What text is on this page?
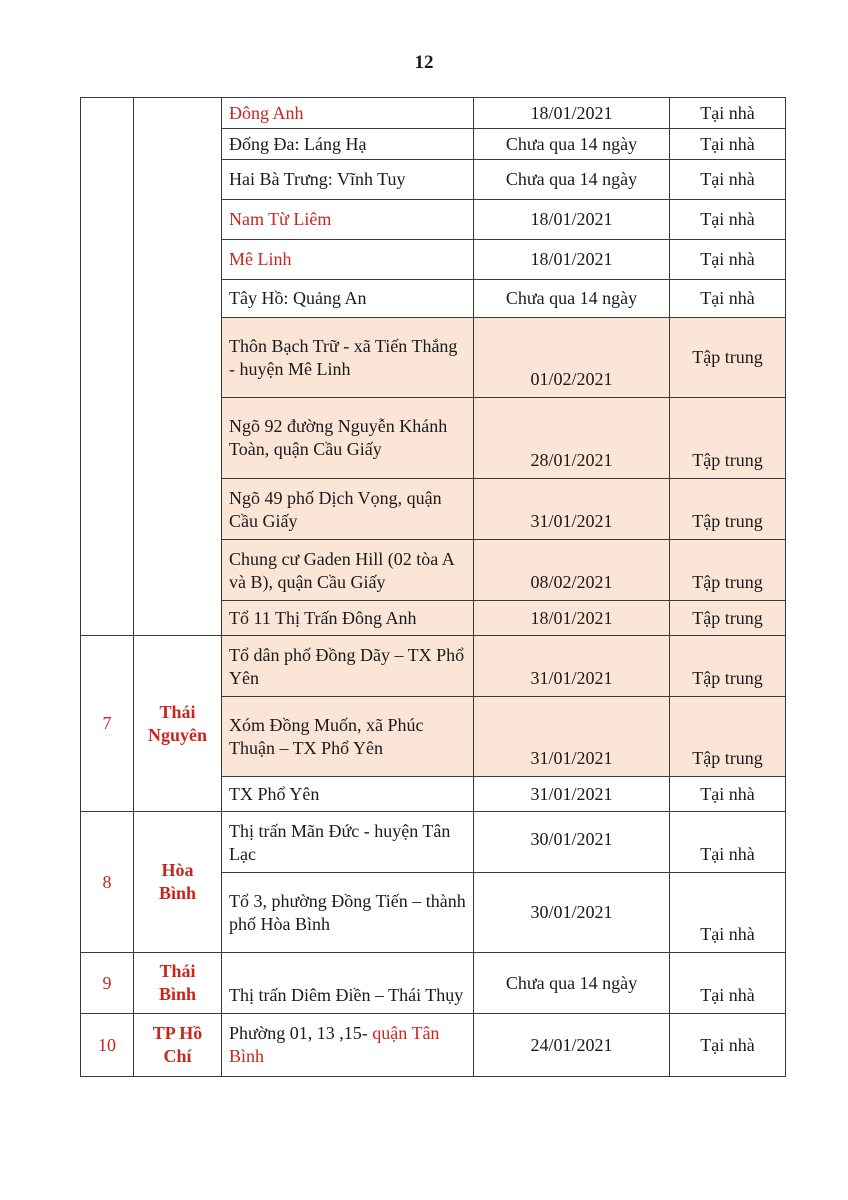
12
		Đông Anh	18/01/2021	Tại nhà
		Đống Đa: Láng Hạ	Chưa qua 14 ngày	Tại nhà
		Hai Bà Trưng: Vĩnh Tuy	Chưa qua 14 ngày	Tại nhà
		Nam Từ Liêm	18/01/2021	Tại nhà
		Mê Linh	18/01/2021	Tại nhà
		Tây Hồ: Quảng An	Chưa qua 14 ngày	Tại nhà
		Thôn Bạch Trữ - xã Tiến Thắng - huyện Mê Linh	01/02/2021	Tập trung
		Ngõ 92 đường Nguyễn Khánh Toàn, quận Cầu Giấy	28/01/2021	Tập trung
		Ngõ 49 phố Dịch Vọng, quận Cầu Giấy	31/01/2021	Tập trung
		Chung cư Gaden Hill (02 tòa A và B), quận Cầu Giấy	08/02/2021	Tập trung
		Tổ 11 Thị Trấn Đông Anh	18/01/2021	Tập trung
7	Thái Nguyên	Tổ dân phố Đồng Dãy – TX Phổ Yên	31/01/2021	Tập trung
		Xóm Đồng Muốn, xã Phúc Thuận – TX Phổ Yên	31/01/2021	Tập trung
		TX Phổ Yên	31/01/2021	Tại nhà
8	Hòa Bình	Thị trấn Mãn Đức - huyện Tân Lạc	30/01/2021	Tại nhà
		Tổ 3, phường Đồng Tiến – thành phố Hòa Bình	30/01/2021	Tại nhà
9	Thái Bình	Thị trấn Diêm Điền – Thái Thụy	Chưa qua 14 ngày	Tại nhà
10	TP Hồ Chí	Phường 01, 13 ,15- quận Tân Bình	24/01/2021	Tại nhà
